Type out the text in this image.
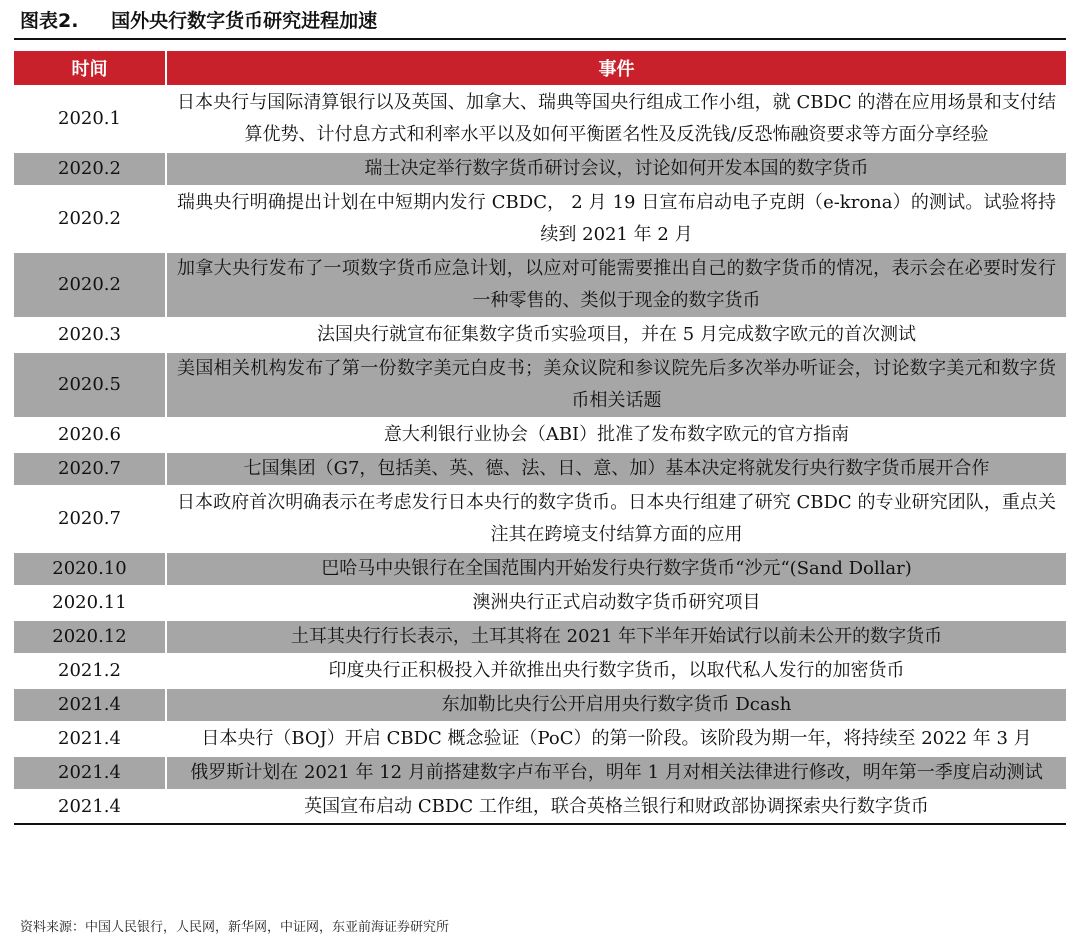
图表2. 国外央行数字货币研究进程加速
时间	事件
2020.1	日本央行与国际清算银行以及英国、加拿大、瑞典等国央行组成工作小组，就 CBDC 的潜在应用场景和支付结算优势、计付息方式和利率水平以及如何平衡匿名性及反洗钱/反恐怖融资要求等方面分享经验
2020.2	瑞士决定举行数字货币研讨会议，讨论如何开发本国的数字货币
2020.2	瑞典央行明确提出计划在中短期内发行 CBDC， 2 月 19 日宣布启动电子克朗（e-krona）的测试。试验将持续到 2021 年 2 月
2020.2	加拿大央行发布了一项数字货币应急计划，以应对可能需要推出自己的数字货币的情况，表示会在必要时发行一种零售的、类似于现金的数字货币
2020.3	法国央行就宣布征集数字货币实验项目，并在 5 月完成数字欧元的首次测试
2020.5	美国相关机构发布了第一份数字美元白皮书；美众议院和参议院先后多次举办听证会，讨论数字美元和数字货币相关话题
2020.6	意大利银行业协会（ABI）批准了发布数字欧元的官方指南
2020.7	七国集团（G7，包括美、英、德、法、日、意、加）基本决定将就发行央行数字货币展开合作
2020.7	日本政府首次明确表示在考虑发行日本央行的数字货币。日本央行组建了研究 CBDC 的专业研究团队，重点关注其在跨境支付结算方面的应用
2020.10	巴哈马中央银行在全国范围内开始发行央行数字货币“沙元“(Sand Dollar)
2020.11	澳洲央行正式启动数字货币研究项目
2020.12	土耳其央行行长表示，土耳其将在 2021 年下半年开始试行以前未公开的数字货币
2021.2	印度央行正积极投入并欲推出央行数字货币，以取代私人发行的加密货币
2021.4	东加勒比央行公开启用央行数字货币 Dcash
2021.4	日本央行（BOJ）开启 CBDC 概念验证（PoC）的第一阶段。该阶段为期一年，将持续至 2022 年 3 月
2021.4	俄罗斯计划在 2021 年 12 月前搭建数字卢布平台，明年 1 月对相关法律进行修改，明年第一季度启动测试
2021.4	英国宣布启动 CBDC 工作组，联合英格兰银行和财政部协调探索央行数字货币
资料来源：中国人民银行，人民网，新华网，中证网，东亚前海证券研究所
